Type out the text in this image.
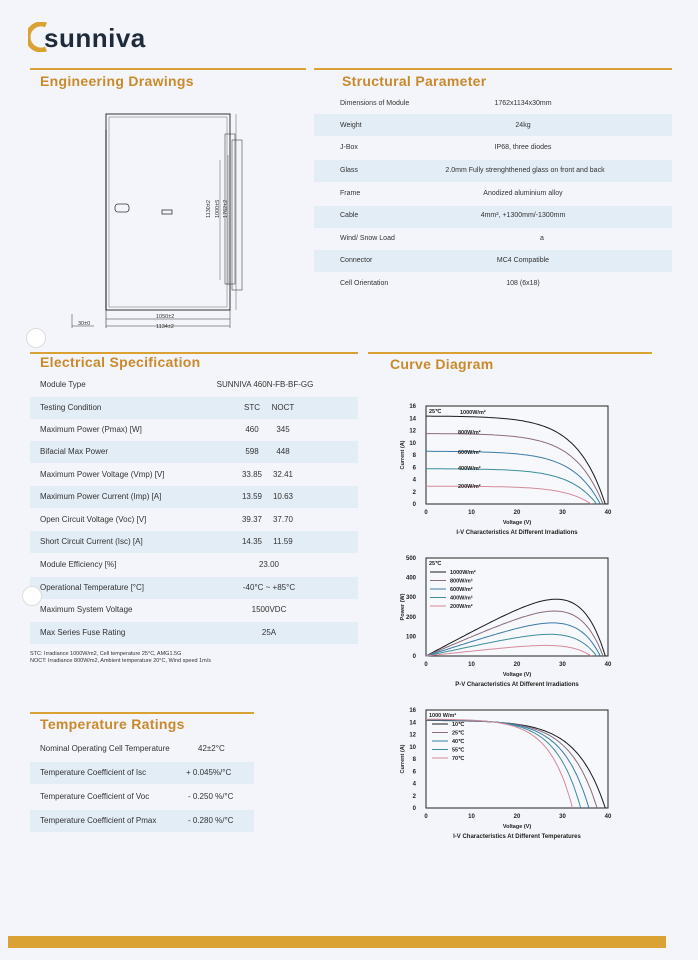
sunniva
Engineering Drawings
1130±2 1000±5 1762±2
1050±2
1134±2
30±0
Structural Parameter
Dimensions of Module	1762x1134x30mm
Weight	24kg
J-Box	IP68, three diodes
Glass	2.0mm Fully strenghthened glass on front and back
Frame	Anodized aluminium alloy
Cable	4mm², +1300mm/-1300mm
Wind/ Snow Load	a
Connector	MC4 Compatible
Cell Orientation	108 (6x18)
Electrical Specification
Module Type	SUNNIVA 460N-FB-BF-GG
Testing Condition	STC	NOCT
Maximum Power (Pmax) [W]	460	345
Bifacial Max Power	598	448
Maximum Power Voltage (Vmp) [V]	33.85	32.41
Maximum Power Current (Imp) [A]	13.59	10.63
Open Circuit Voltage (Voc) [V]	39.37	37.70
Short Circuit Current (Isc) [A]	14.35	11.59
Module Efficiency [%]	23.00
Operational Temperature [°C]	-40°C ~ +85°C
Maximum System Voltage	1500VDC
Max Series Fuse Rating	25A
STC: Irradiance 1000W/m2, Cell temperature 25°C, AMG1.5G
NOCT: Irradiance 800W/m2, Ambient temperature 20°C, Wind speed 1m/s
Temperature Ratings
Nominal Operating Cell Temperature	42±2°C
Temperature Coefficient of Isc	+ 0.045%/°C
Temperature Coefficient of Voc	- 0.250 %/°C
Temperature Coefficient of Pmax	- 0.280 %/°C
Curve Diagram
0
2
4
6
8
10
12
14
16
0	10	20	30	40
Voltage (V)
Current (A)
I-V Characteristics At Different Irradiations
25℃	1000W/m²
800W/m²
600W/m²
400W/m²
200W/m²
0
100
200
300
400
500
0	10	20	30	40
Voltage (V)
Power (W)
P-V Characteristics At Different Irradiations
25℃
1000W/m²
800W/m²
600W/m²
400W/m²
200W/m²
0
2
4
6
8
10
12
14
16
0	10	20	30	40
Voltage (V)
Current (A)
I-V Characteristics At Different Temperatures
1000 W/m²
10℃
25℃
40℃
55℃
70℃
